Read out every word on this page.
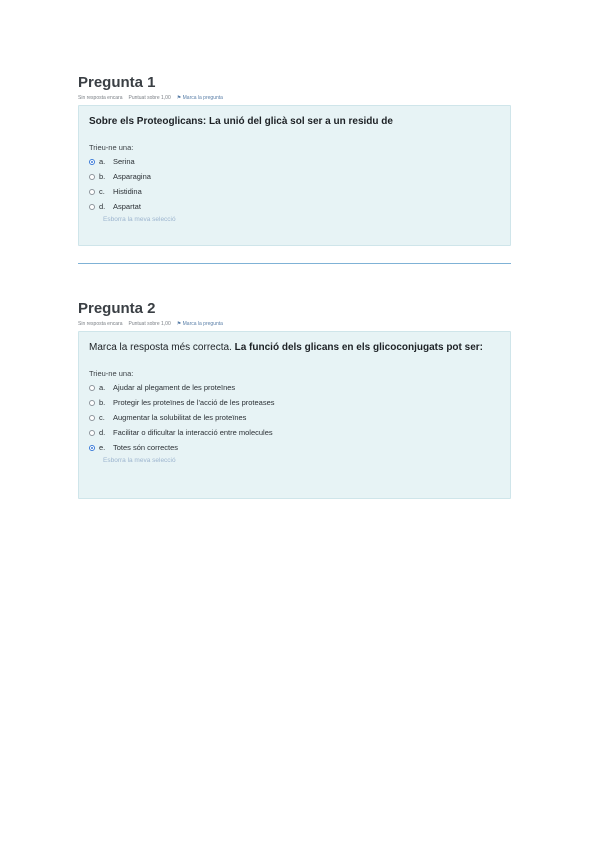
Pregunta 1
Sin resposta encara Puntuat sobre 1,00 ⚑ Marca la pregunta
Sobre els Proteoglicans: La unió del glicà sol ser a un residu de
Trieu-ne una:
a.	Serina
b.	Asparagina
c.	Histidina
d.	Aspartat
Esborra la meva selecció
Pregunta 2
Sin resposta encara Puntuat sobre 1,00 ⚑ Marca la pregunta
Marca la resposta més correcta. La funció dels glicans en els glicoconjugats pot ser:
Trieu-ne una:
a.	Ajudar al plegament de les proteïnes
b.	Protegir les proteïnes de l'acció de les proteases
c.	Augmentar la solubilitat de les proteïnes
d.	Facilitar o dificultar la interacció entre molecules
e.	Totes són correctes
Esborra la meva selecció
